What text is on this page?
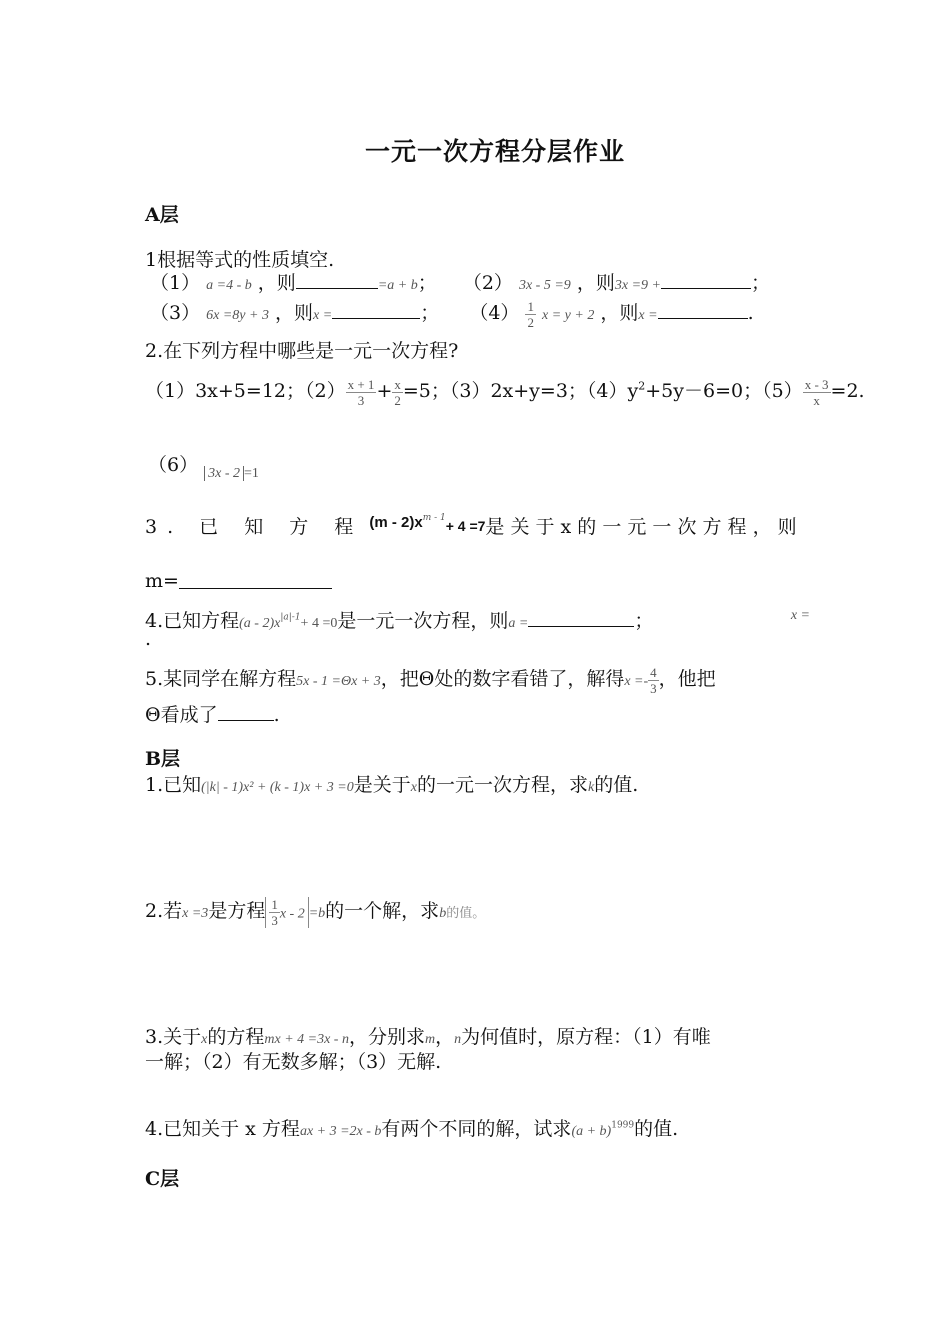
一元一次方程分层作业
A层
1根据等式的性质填空.
（1） a =4 - b ，则	=a + b； （2） 3x - 5 =9 ，则3x =9 +	；
（3） 6x =8y + 3 ，则x =	； $(4) \frac{1}{2}$ x = y + 2 ，则x =	.
2.在下列方程中哪些是一元一次方程?
（1）3x+5=12；$(2) \frac{x + 1}{3} + \frac{x}{2} =5$；（3）2x+y=3；$(4)y^2+5y-6=0$；$(5) \frac{x - 3}{x} =2$.
（6） $_{3x - 2}$ $_{=1}$
3. 已 知 方 程 $^{(m - 2)xm - 1}$+ 4 =7是 关 于 x 的 一 元 一 次 方 程 ， 则
m=
4.已知方程$(a - 2)x^{|a|-1}+ 4 =0$是一元一次方程，则a =	；	x =
.
5.某同学在解方程5x - 1 =Θx + 3，把Θ处的数字看错了，解得$x =- \frac{4}{3}$ ，他把
Θ看成了	.
B层
1.已知(|k| - 1)x² + (k - 1)x + 3 =0是关于x的一元一次方程，求k的值.
2.若x =3是方程 $\frac{1}{3}$ x - 2 =b的一个解，求b的值。
3.关于x的方程mx + 4 =3x - n，分别求m，n为何值时，原方程：（1）有唯
一解；（2）有无数多解；（3）无解.
4.已知关于 x 方程ax + 3 =2x - b有两个不同的解，试求$(a + b)^{1999}$的值.
C层
